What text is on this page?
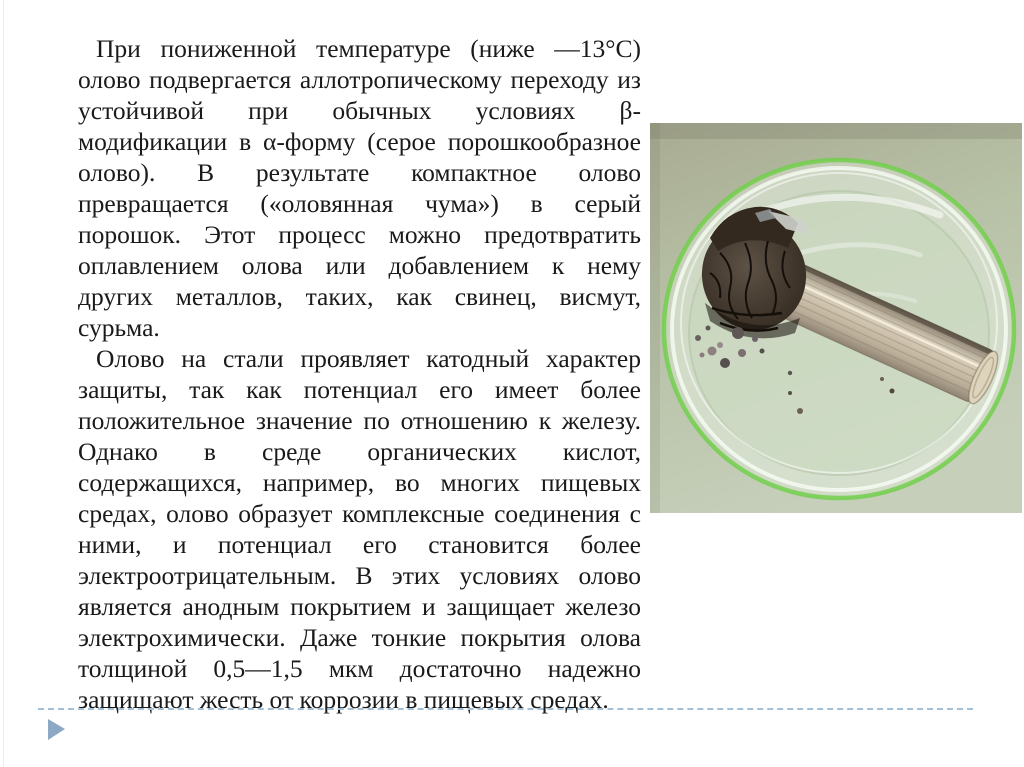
При пониженной температуре (ниже —13°С)
олово подвергается аллотропическому переходу из
устойчивой при обычных условиях β-
модификации в α-форму (серое порошкообразное
олово). В результате компактное олово
превращается («оловянная чума») в серый
порошок. Этот процесс можно предотвратить
оплавлением олова или добавлением к нему
других металлов, таких, как свинец, висмут,
сурьма.
Олово на стали проявляет катодный характер
защиты, так как потенциал его имеет более
положительное значение по отношению к железу.
Однако в среде органических кислот,
содержащихся, например, во многих пищевых
средах, олово образует комплексные соединения с
ними, и потенциал его становится более
электроотрицательным. В этих условиях олово
является анодным покрытием и защищает железо
электрохимически. Даже тонкие покрытия олова
толщиной 0,5—1,5 мкм достаточно надежно
защищают жесть от коррозии в пищевых средах.
